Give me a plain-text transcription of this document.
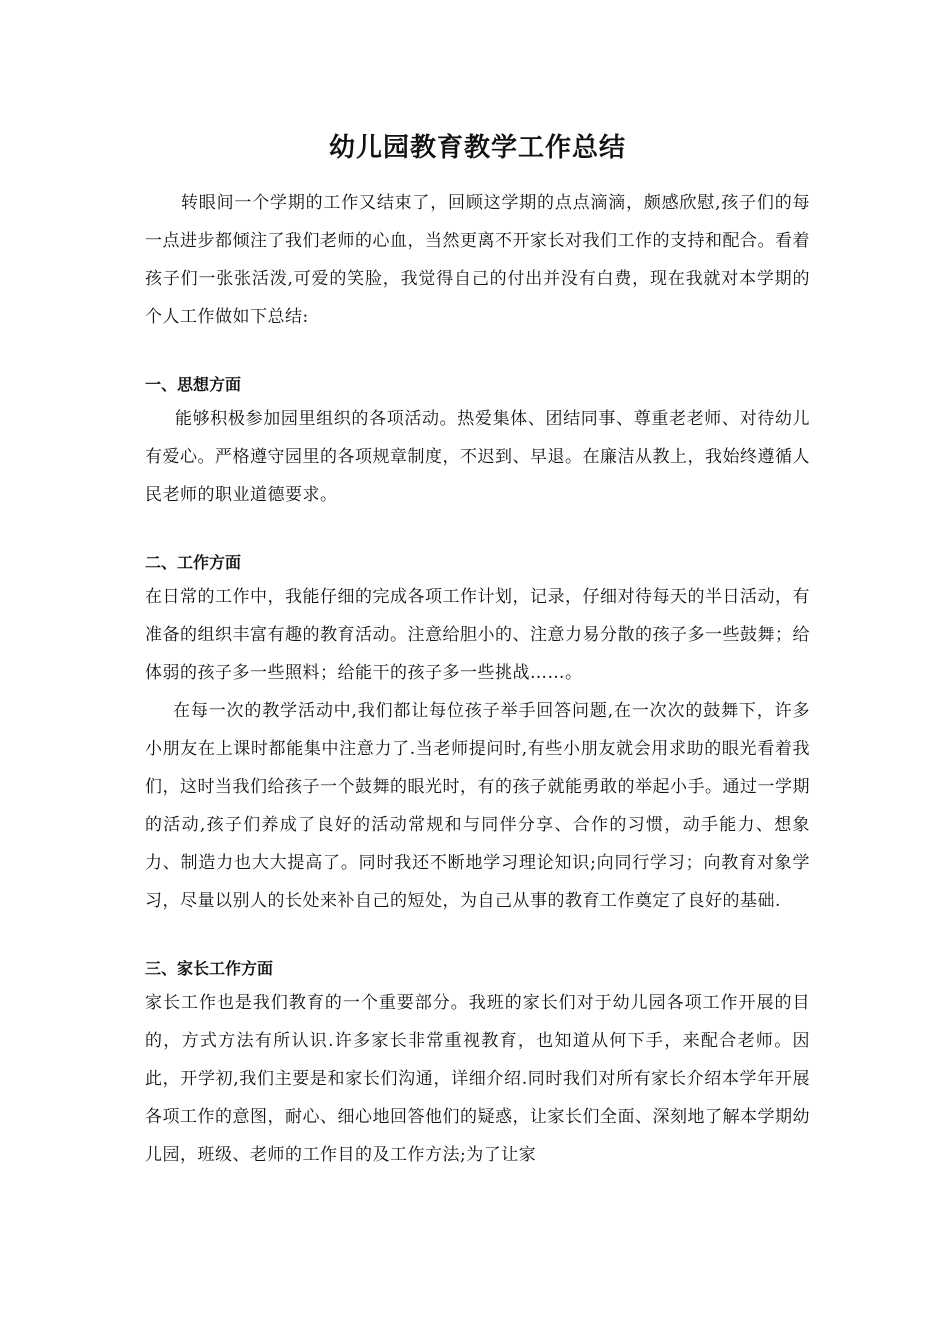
幼儿园教育教学工作总结

转眼间一个学期的工作又结束了，回顾这学期的点点滴滴，颇感欣慰,孩子们的每一点进步都倾注了我们老师的心血，当然更离不开家长对我们工作的支持和配合。看着孩子们一张张活泼,可爱的笑脸，我觉得自己的付出并没有白费，现在我就对本学期的个人工作做如下总结:

一、思想方面

能够积极参加园里组织的各项活动。热爱集体、团结同事、尊重老老师、对待幼儿有爱心。严格遵守园里的各项规章制度，不迟到、早退。在廉洁从教上，我始终遵循人民老师的职业道德要求。

二、工作方面

在日常的工作中，我能仔细的完成各项工作计划，记录，仔细对待每天的半日活动，有准备的组织丰富有趣的教育活动。注意给胆小的、注意力易分散的孩子多一些鼓舞；给体弱的孩子多一些照料；给能干的孩子多一些挑战……。

在每一次的教学活动中,我们都让每位孩子举手回答问题,在一次次的鼓舞下，许多小朋友在上课时都能集中注意力了.当老师提问时,有些小朋友就会用求助的眼光看着我们，这时当我们给孩子一个鼓舞的眼光时，有的孩子就能勇敢的举起小手。通过一学期的活动,孩子们养成了良好的活动常规和与同伴分享、合作的习惯，动手能力、想象力、制造力也大大提高了。同时我还不断地学习理论知识;向同行学习；向教育对象学习，尽量以别人的长处来补自己的短处，为自己从事的教育工作奠定了良好的基础.

三、家长工作方面

家长工作也是我们教育的一个重要部分。我班的家长们对于幼儿园各项工作开展的目的，方式方法有所认识.许多家长非常重视教育，也知道从何下手，来配合老师。因此，开学初,我们主要是和家长们沟通，详细介绍.同时我们对所有家长介绍本学年开展各项工作的意图，耐心、细心地回答他们的疑惑，让家长们全面、深刻地了解本学期幼儿园，班级、老师的工作目的及工作方法;为了让家
